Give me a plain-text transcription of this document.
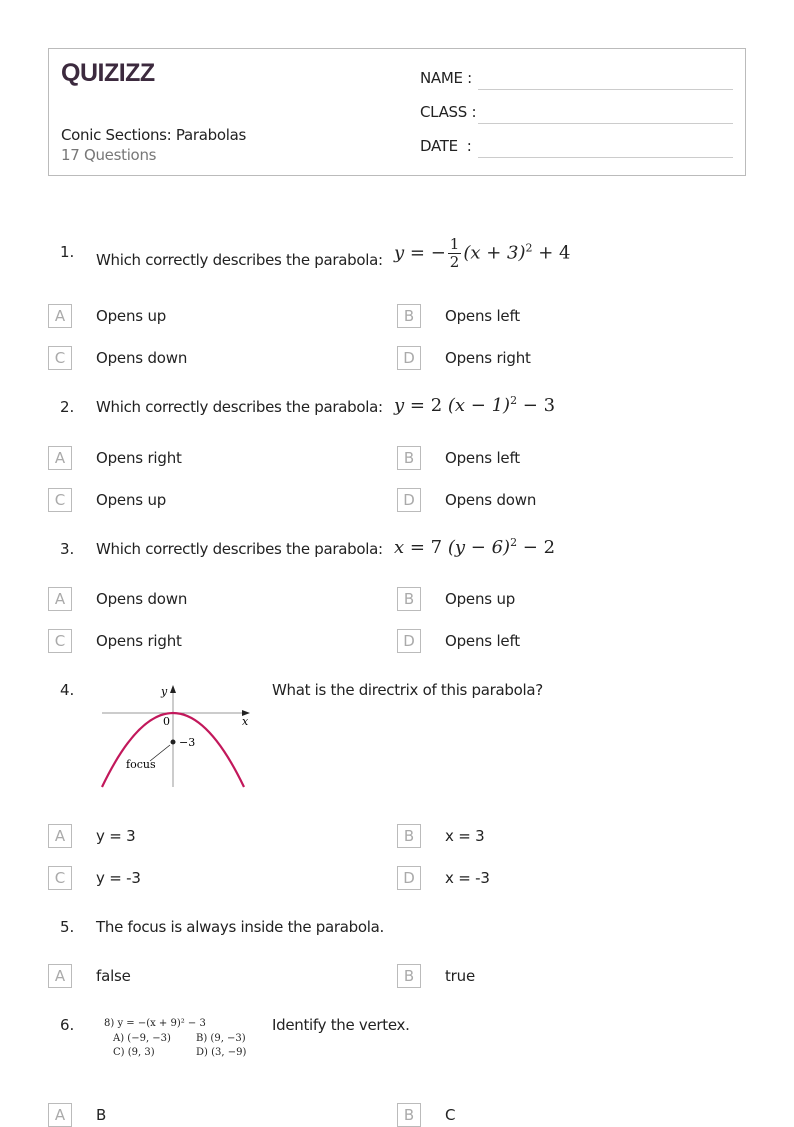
QUIZIZZ
Conic Sections: Parabolas
17 Questions
NAME :
CLASS :
DATE  :
1. Which correctly describes the parabola: y = − $\frac{1}{2} (x + 3)^2 + 4$
A	Opens up	B	Opens left
C	Opens down	D	Opens right
2. Which correctly describes the parabola: y = 2 $(x - 1)^2 - 3$
A	Opens right	B	Opens left
C	Opens up	D	Opens down
3. Which correctly describes the parabola: x = 7 $(y - 6)^2 - 2$
A	Opens down	B	Opens up
C	Opens right	D	Opens left
4.	y
x
0
−3
focus
What is the directrix of this parabola?
A	y = 3	B	x = 3
C	y = -3	D	x = -3
5. The focus is always inside the parabola.
A	false	B	true
6.	8) y = −(x + 9)² − 3
A) (−9, −3)	B) (9, −3)
C) (9, 3)	D) (3, −9)
Identify the vertex.
A	B	B	C
